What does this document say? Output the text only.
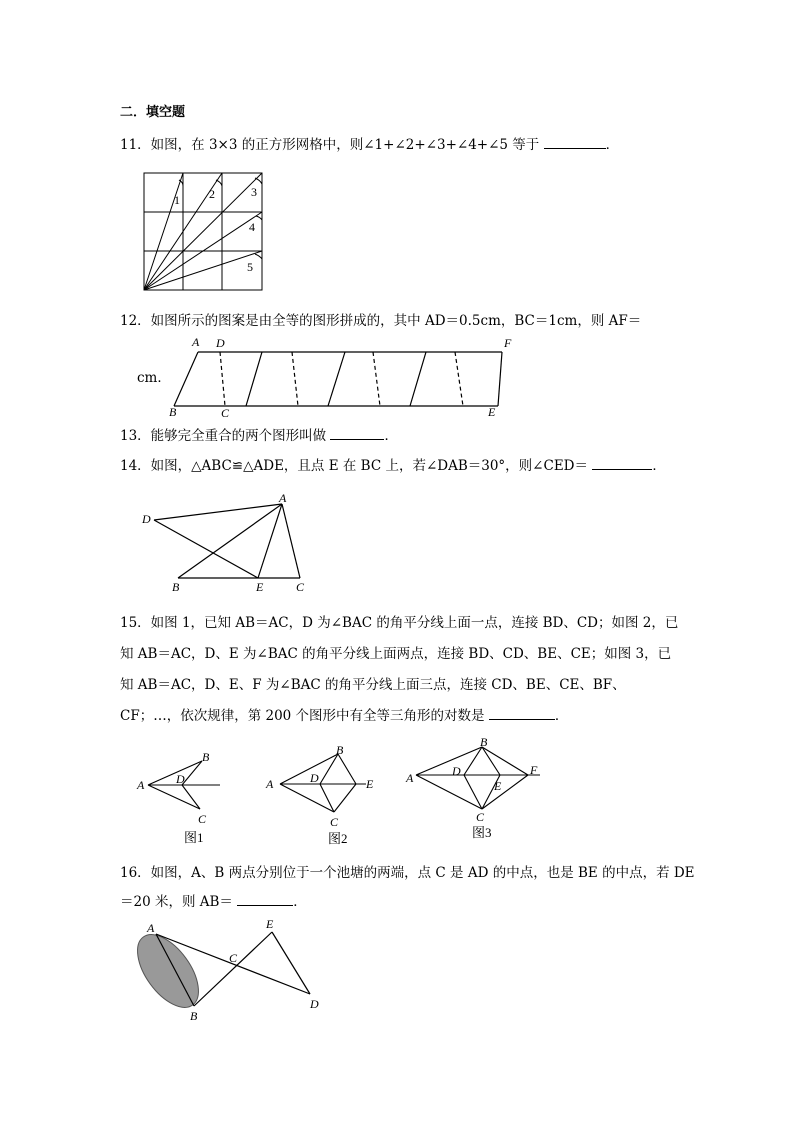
二．填空题
11．如图，在 3×3 的正方形网格中，则∠1+∠2+∠3+∠4+∠5 等于	．
1 2	3
4
5
12．如图所示的图案是由全等的图形拼成的，其中 AD＝0.5cm，BC＝1cm，则 AF＝
cm．
A D	F
B	C	E
13．能够完全重合的两个图形叫做	．
14．如图，△ABC≌△ADE，且点 E 在 BC 上，若∠DAB＝30°，则∠CED＝	．
A
D
B	E	C
15．如图 1，已知 AB＝AC，D 为∠BAC 的角平分线上面一点，连接 BD、CD；如图 2，已
知 AB＝AC，D、E 为∠BAC 的角平分线上面两点，连接 BD、CD、BE、CE；如图 3，已
知 AB＝AC，D、E、F 为∠BAC 的角平分线上面三点，连接 CD、BE、CE、BF、
CF；…，依次规律，第 200 个图形中有全等三角形的对数是	．
A
B
D
C
图1
A
B
D	E
C
图2
A
B
D
E
F
C
图3
16．如图，A、B 两点分别位于一个池塘的两端，点 C 是 AD 的中点，也是 BE 的中点，若 DE
＝20 米，则 AB＝	．
A
B
C
D
E
